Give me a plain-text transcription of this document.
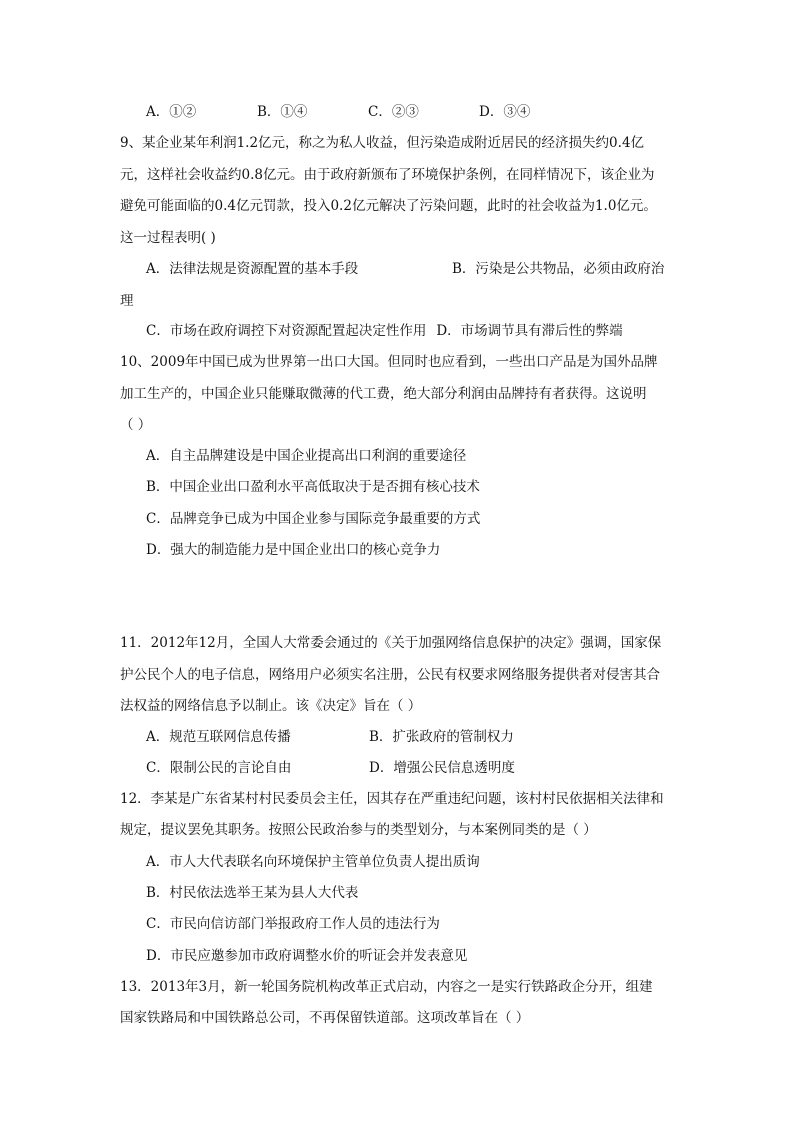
A．①②	B．①④	C．②③	D．③④
9、某企业某年利润1.2亿元，称之为私人收益，但污染造成附近居民的经济损失约0.4亿
元，这样社会收益约0.8亿元。由于政府新颁布了环境保护条例，在同样情况下，该企业为
避免可能面临的0.4亿元罚款，投入0.2亿元解决了污染问题，此时的社会收益为1.0亿元。
这一过程表明( )
A．法律法规是资源配置的基本手段	B．污染是公共物品，必须由政府治
理
C．市场在政府调控下对资源配置起决定性作用 D．市场调节具有滞后性的弊端
10、2009年中国已成为世界第一出口大国。但同时也应看到，一些出口产品是为国外品牌
加工生产的，中国企业只能赚取微薄的代工费，绝大部分利润由品牌持有者获得。这说明
（ ）
A．自主品牌建设是中国企业提高出口利润的重要途径
B．中国企业出口盈利水平高低取决于是否拥有核心技术
C．品牌竞争已成为中国企业参与国际竞争最重要的方式
D．强大的制造能力是中国企业出口的核心竞争力
11．2012年12月，全国人大常委会通过的《关于加强网络信息保护的决定》强调，国家保
护公民个人的电子信息，网络用户必须实名注册，公民有权要求网络服务提供者对侵害其合
法权益的网络信息予以制止。该《决定》旨在（ ）
A．规范互联网信息传播	B．扩张政府的管制权力
C．限制公民的言论自由	D．增强公民信息透明度
12．李某是广东省某村村民委员会主任，因其存在严重违纪问题，该村村民依据相关法律和
规定，提议罢免其职务。按照公民政治参与的类型划分，与本案例同类的是（ ）
A．市人大代表联名向环境保护主管单位负责人提出质询
B．村民依法选举王某为县人大代表
C．市民向信访部门举报政府工作人员的违法行为
D．市民应邀参加市政府调整水价的听证会并发表意见
13．2013年3月，新一轮国务院机构改革正式启动，内容之一是实行铁路政企分开，组建
国家铁路局和中国铁路总公司，不再保留铁道部。这项改革旨在（ ）
